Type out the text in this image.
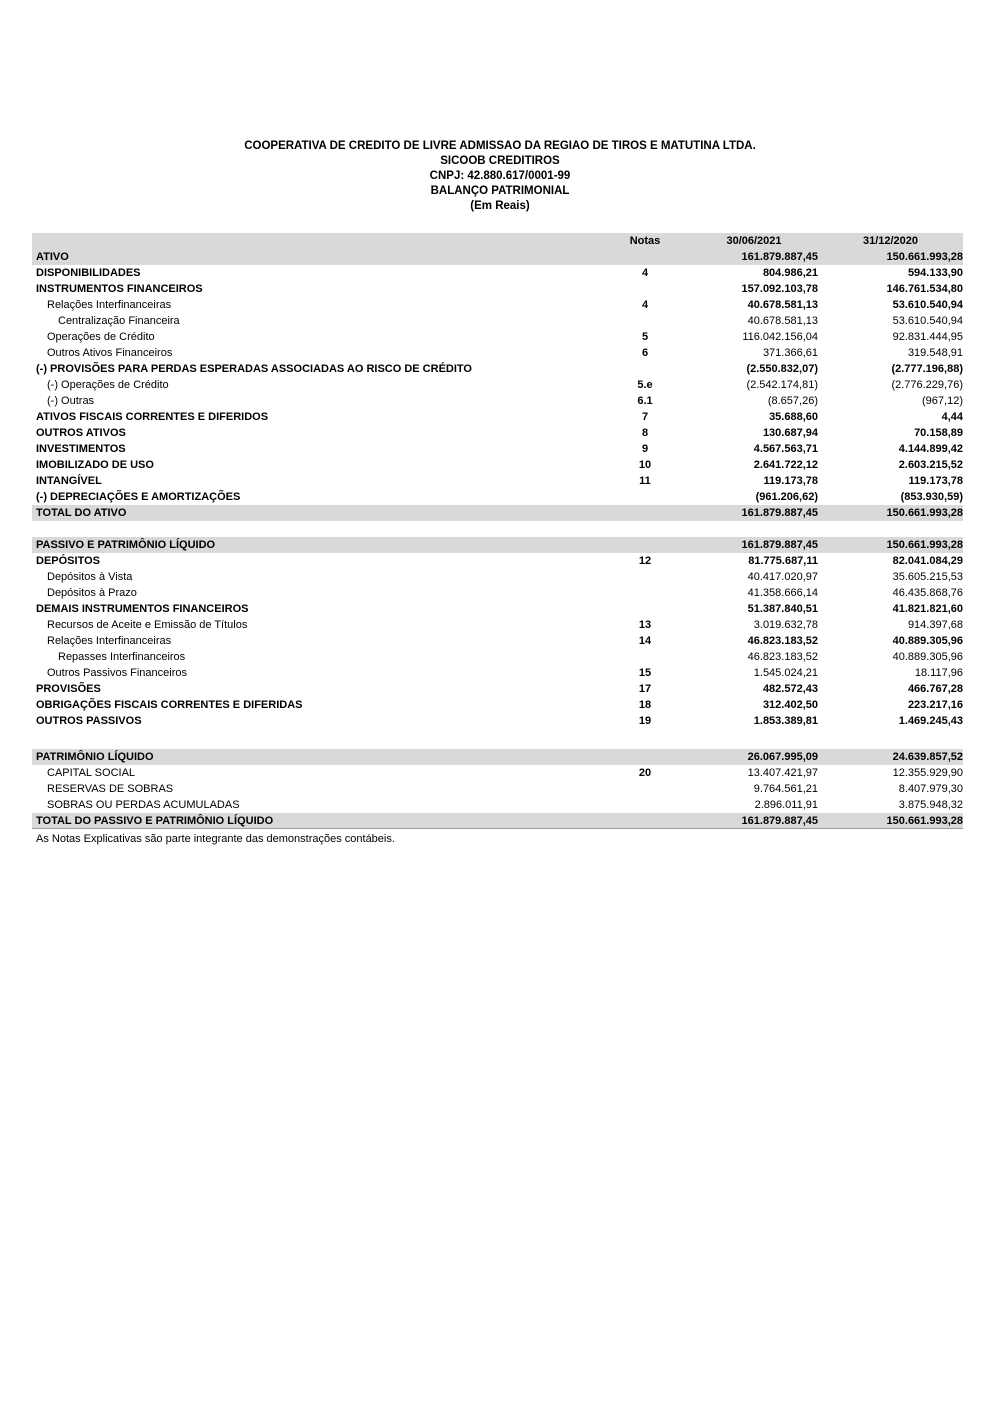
COOPERATIVA DE CREDITO DE LIVRE ADMISSAO DA REGIAO DE TIROS E MATUTINA LTDA.
SICOOB CREDITIROS
CNPJ: 42.880.617/0001-99
BALANÇO PATRIMONIAL
(Em Reais)
Notas	30/06/2021	31/12/2020
ATIVO	161.879.887,45	150.661.993,28
DISPONIBILIDADES	4	804.986,21	594.133,90
INSTRUMENTOS FINANCEIROS	157.092.103,78	146.761.534,80
Relações Interfinanceiras	4	40.678.581,13	53.610.540,94
Centralização Financeira	40.678.581,13	53.610.540,94
Operações de Crédito	5	116.042.156,04	92.831.444,95
Outros Ativos Financeiros	6	371.366,61	319.548,91
(-) PROVISÕES PARA PERDAS ESPERADAS ASSOCIADAS AO RISCO DE CRÉDITO	(2.550.832,07)	(2.777.196,88)
(-) Operações de Crédito	5.e	(2.542.174,81)	(2.776.229,76)
(-) Outras	6.1	(8.657,26)	(967,12)
ATIVOS FISCAIS CORRENTES E DIFERIDOS	7	35.688,60	4,44
OUTROS ATIVOS	8	130.687,94	70.158,89
INVESTIMENTOS	9	4.567.563,71	4.144.899,42
IMOBILIZADO DE USO	10	2.641.722,12	2.603.215,52
INTANGÍVEL	11	119.173,78	119.173,78
(-) DEPRECIAÇÕES E AMORTIZAÇÕES	(961.206,62)	(853.930,59)
TOTAL DO ATIVO	161.879.887,45	150.661.993,28
PASSIVO E PATRIMÔNIO LÍQUIDO	161.879.887,45	150.661.993,28
DEPÓSITOS	12	81.775.687,11	82.041.084,29
Depósitos à Vista	40.417.020,97	35.605.215,53
Depósitos à Prazo	41.358.666,14	46.435.868,76
DEMAIS INSTRUMENTOS FINANCEIROS	51.387.840,51	41.821.821,60
Recursos de Aceite e Emissão de Títulos	13	3.019.632,78	914.397,68
Relações Interfinanceiras	14	46.823.183,52	40.889.305,96
Repasses Interfinanceiros	46.823.183,52	40.889.305,96
Outros Passivos Financeiros	15	1.545.024,21	18.117,96
PROVISÕES	17	482.572,43	466.767,28
OBRIGAÇÕES FISCAIS CORRENTES E DIFERIDAS	18	312.402,50	223.217,16
OUTROS PASSIVOS	19	1.853.389,81	1.469.245,43
PATRIMÔNIO LÍQUIDO	26.067.995,09	24.639.857,52
CAPITAL SOCIAL	20	13.407.421,97	12.355.929,90
RESERVAS DE SOBRAS	9.764.561,21	8.407.979,30
SOBRAS OU PERDAS ACUMULADAS	2.896.011,91	3.875.948,32
TOTAL DO PASSIVO E PATRIMÔNIO LÍQUIDO	161.879.887,45	150.661.993,28
As Notas Explicativas são parte integrante das demonstrações contábeis.
